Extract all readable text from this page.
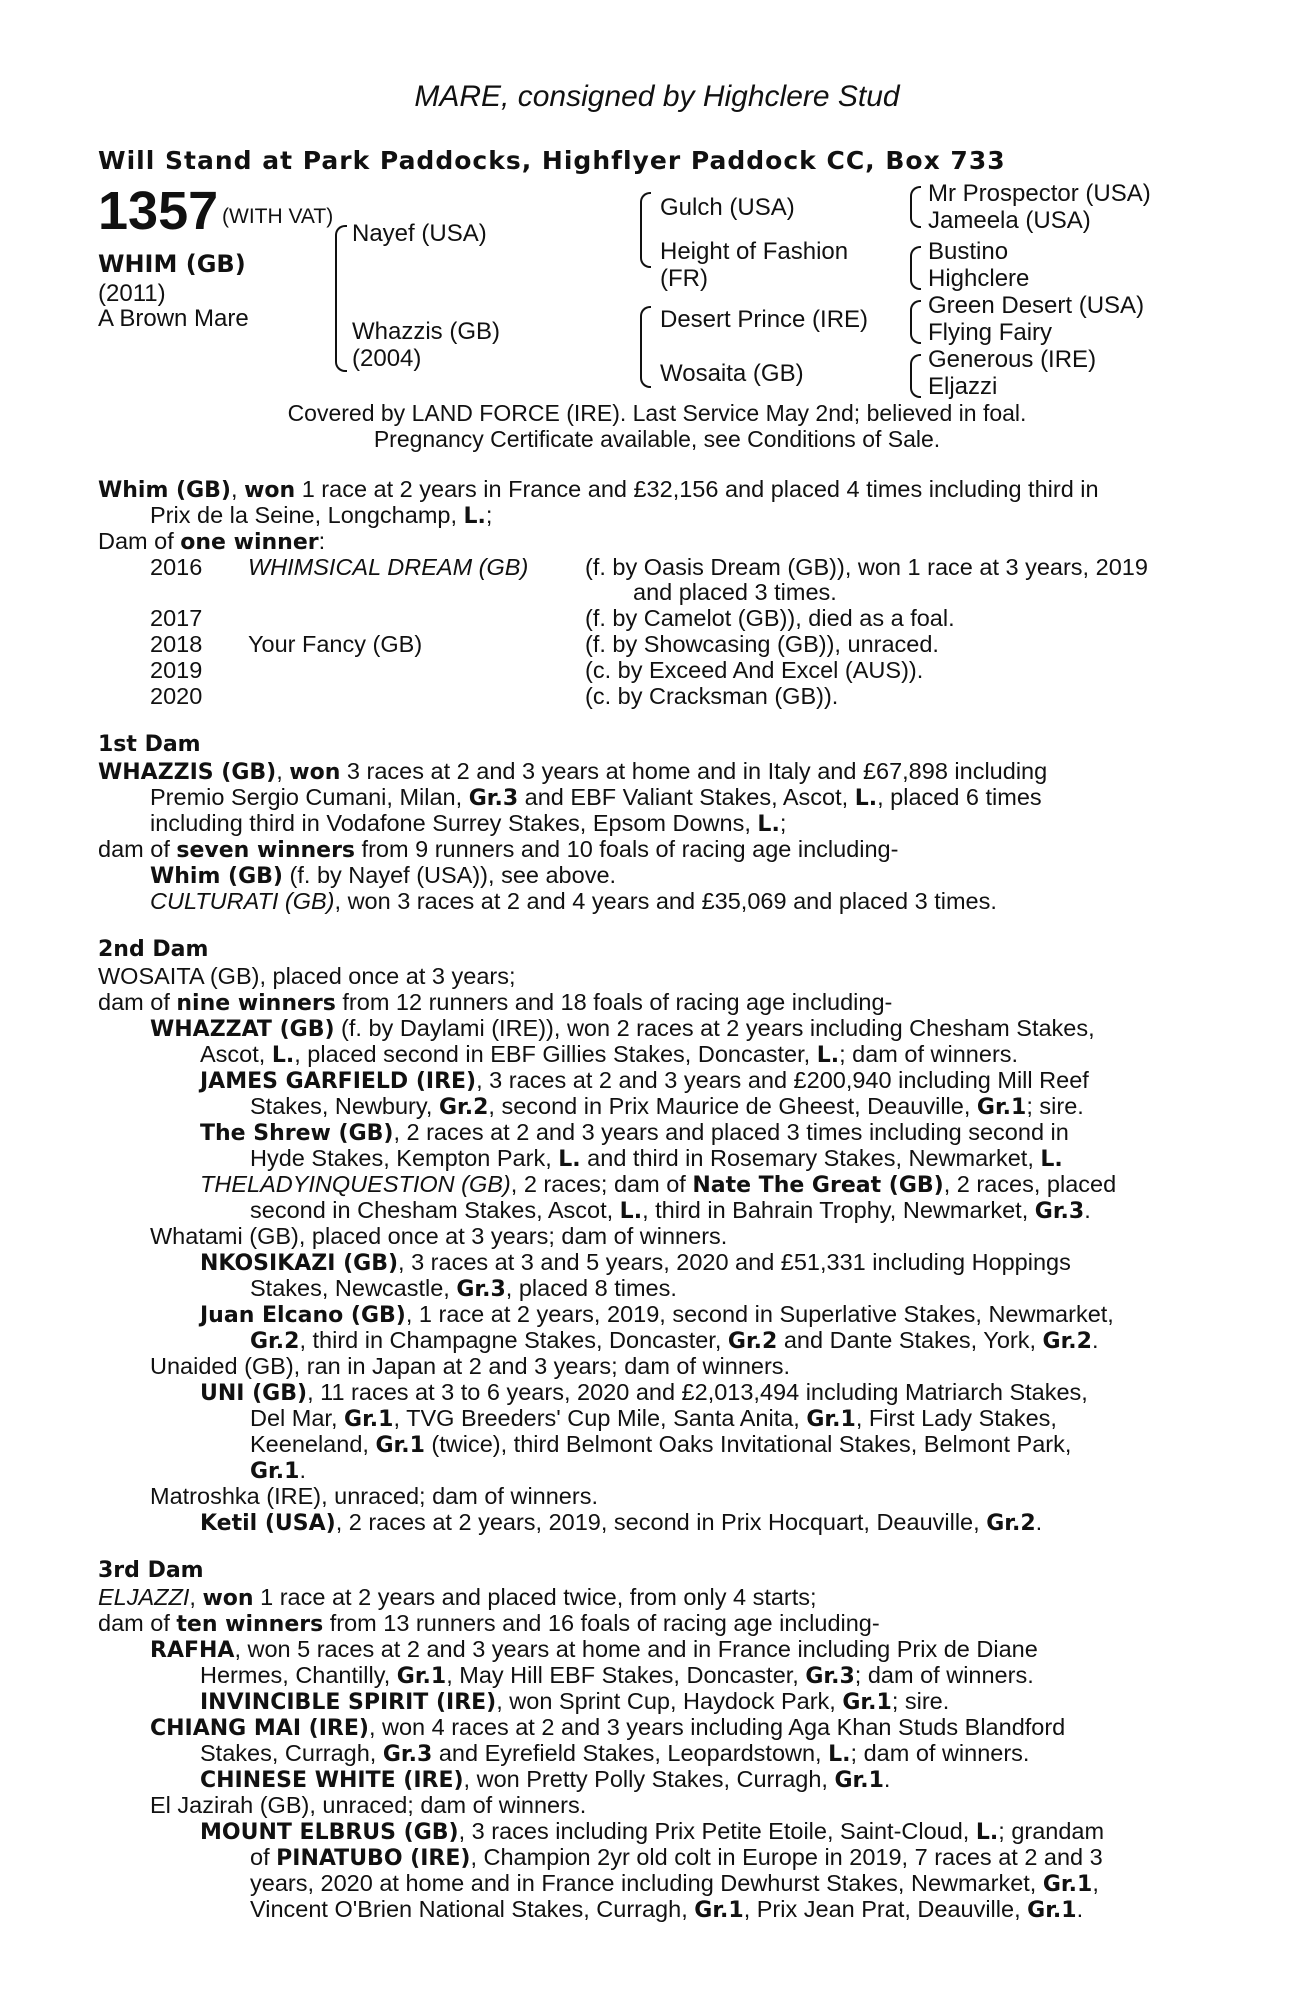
MARE, consigned by Highclere Stud
Will Stand at Park Paddocks, Highflyer Paddock CC, Box 733
1357 (WITH VAT)
WHIM (GB)
(2011)
A Brown Mare
Nayef (USA)
Whazzis (GB)
(2004)
Gulch (USA)
Height of Fashion
(FR)
Desert Prince (IRE)
Wosaita (GB)
Mr Prospector (USA)
Jameela (USA)
Bustino
Highclere
Green Desert (USA)
Flying Fairy
Generous (IRE)
Eljazzi
Covered by LAND FORCE (IRE). Last Service May 2nd; believed in foal.
Pregnancy Certificate available, see Conditions of Sale.
Whim (GB), won 1 race at 2 years in France and £32,156 and placed 4 times including third in
Prix de la Seine, Longchamp, L.;
Dam of one winner:
2016 WHIMSICAL DREAM (GB) (f. by Oasis Dream (GB)), won 1 race at 3 years, 2019
and placed 3 times.
2017	(f. by Camelot (GB)), died as a foal.
2018 Your Fancy (GB)	(f. by Showcasing (GB)), unraced.
2019	(c. by Exceed And Excel (AUS)).
2020	(c. by Cracksman (GB)).
1st Dam
WHAZZIS (GB), won 3 races at 2 and 3 years at home and in Italy and £67,898 including
Premio Sergio Cumani, Milan, Gr.3 and EBF Valiant Stakes, Ascot, L., placed 6 times
including third in Vodafone Surrey Stakes, Epsom Downs, L.;
dam of seven winners from 9 runners and 10 foals of racing age including-
Whim (GB) (f. by Nayef (USA)), see above.
CULTURATI (GB), won 3 races at 2 and 4 years and £35,069 and placed 3 times.
2nd Dam
WOSAITA (GB), placed once at 3 years;
dam of nine winners from 12 runners and 18 foals of racing age including-
WHAZZAT (GB) (f. by Daylami (IRE)), won 2 races at 2 years including Chesham Stakes,
Ascot, L., placed second in EBF Gillies Stakes, Doncaster, L.; dam of winners.
JAMES GARFIELD (IRE), 3 races at 2 and 3 years and £200,940 including Mill Reef
Stakes, Newbury, Gr.2, second in Prix Maurice de Gheest, Deauville, Gr.1; sire.
The Shrew (GB), 2 races at 2 and 3 years and placed 3 times including second in
Hyde Stakes, Kempton Park, L. and third in Rosemary Stakes, Newmarket, L.
THELADYINQUESTION (GB), 2 races; dam of Nate The Great (GB), 2 races, placed
second in Chesham Stakes, Ascot, L., third in Bahrain Trophy, Newmarket, Gr.3.
Whatami (GB), placed once at 3 years; dam of winners.
NKOSIKAZI (GB), 3 races at 3 and 5 years, 2020 and £51,331 including Hoppings
Stakes, Newcastle, Gr.3, placed 8 times.
Juan Elcano (GB), 1 race at 2 years, 2019, second in Superlative Stakes, Newmarket,
Gr.2, third in Champagne Stakes, Doncaster, Gr.2 and Dante Stakes, York, Gr.2.
Unaided (GB), ran in Japan at 2 and 3 years; dam of winners.
UNI (GB), 11 races at 3 to 6 years, 2020 and £2,013,494 including Matriarch Stakes,
Del Mar, Gr.1, TVG Breeders' Cup Mile, Santa Anita, Gr.1, First Lady Stakes,
Keeneland, Gr.1 (twice), third Belmont Oaks Invitational Stakes, Belmont Park,
Gr.1.
Matroshka (IRE), unraced; dam of winners.
Ketil (USA), 2 races at 2 years, 2019, second in Prix Hocquart, Deauville, Gr.2.
3rd Dam
ELJAZZI, won 1 race at 2 years and placed twice, from only 4 starts;
dam of ten winners from 13 runners and 16 foals of racing age including-
RAFHA, won 5 races at 2 and 3 years at home and in France including Prix de Diane
Hermes, Chantilly, Gr.1, May Hill EBF Stakes, Doncaster, Gr.3; dam of winners.
INVINCIBLE SPIRIT (IRE), won Sprint Cup, Haydock Park, Gr.1; sire.
CHIANG MAI (IRE), won 4 races at 2 and 3 years including Aga Khan Studs Blandford
Stakes, Curragh, Gr.3 and Eyrefield Stakes, Leopardstown, L.; dam of winners.
CHINESE WHITE (IRE), won Pretty Polly Stakes, Curragh, Gr.1.
El Jazirah (GB), unraced; dam of winners.
MOUNT ELBRUS (GB), 3 races including Prix Petite Etoile, Saint-Cloud, L.; grandam
of PINATUBO (IRE), Champion 2yr old colt in Europe in 2019, 7 races at 2 and 3
years, 2020 at home and in France including Dewhurst Stakes, Newmarket, Gr.1,
Vincent O'Brien National Stakes, Curragh, Gr.1, Prix Jean Prat, Deauville, Gr.1.
